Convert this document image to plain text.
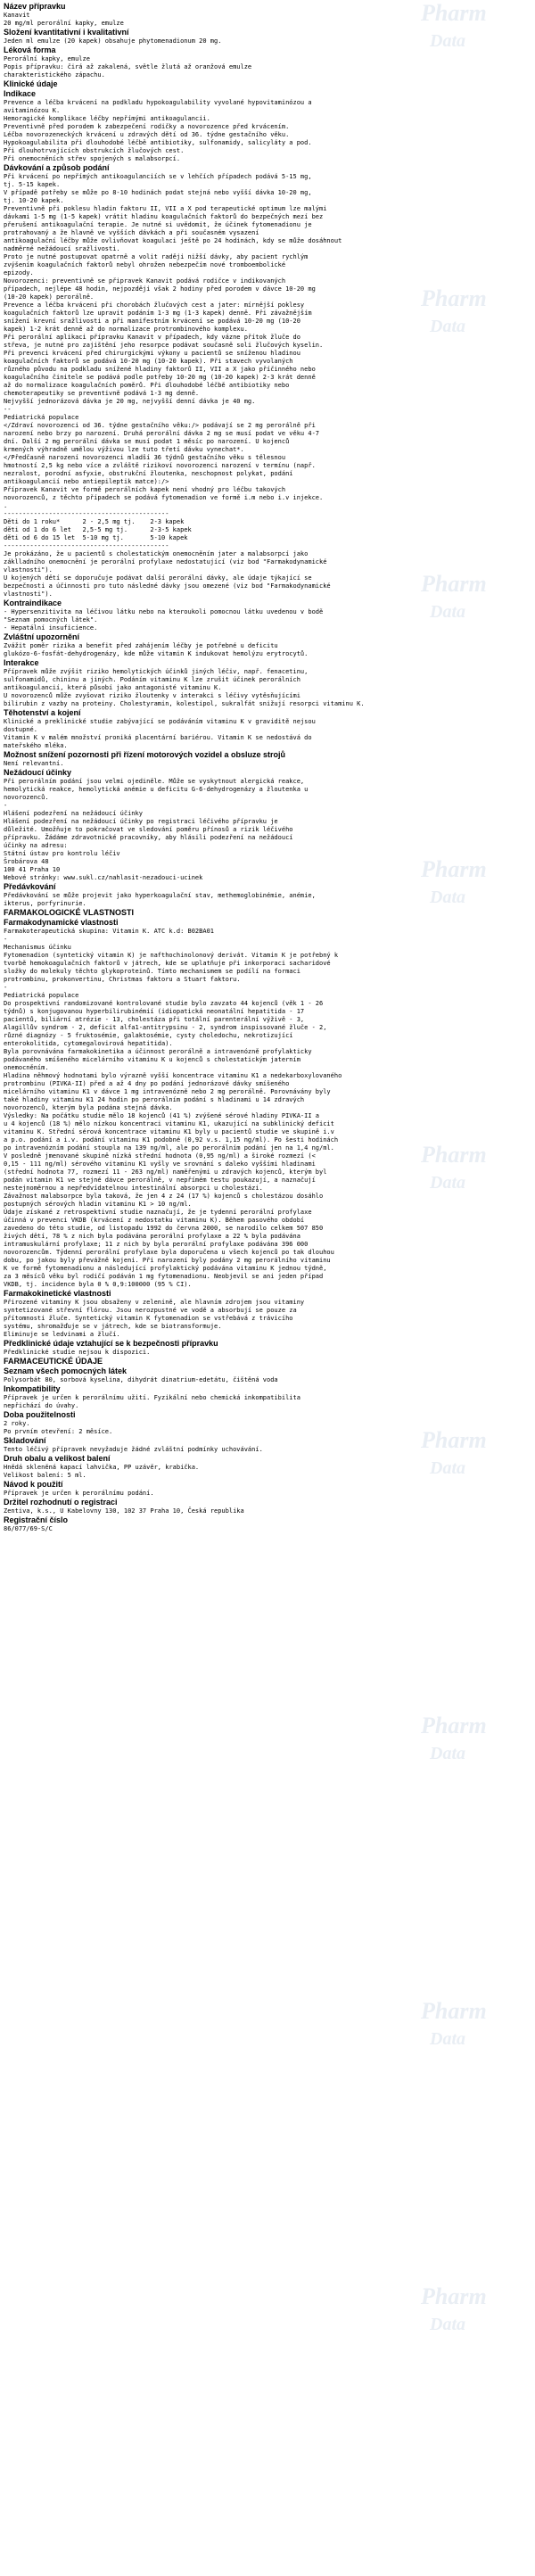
Pharm
Data
Pharm
Data
Pharm
Data
Pharm
Data
Pharm
Data
Pharm
Data
Pharm
Data
Pharm
Data
Pharm
Data
Název přípravku
Kanavit
20 mg/ml perorální kapky, emulze
Složení kvantitativní i kvalitativní
Jeden ml emulze (20 kapek) obsahuje phytomenadionum 20 mg.
Léková forma
Perorální kapky, emulze
Popis přípravku: čirá až zakalená, světle žlutá až oranžová emulze
charakteristického zápachu.
Klinické údaje
Indikace
Prevence a léčba krvácení na podkladu hypokoagulability vyvolané hypovitaminózou a
avitaminózou K.
Hemoragické komplikace léčby nepřímými antikoagulancii.
Preventivně před porodem k zabezpečení rodičky a novorozence před krvácením.
Léčba novorozeneckých krvácení u zdravých dětí od 36. týdne gestačního věku.
Hypokoagulabilita při dlouhodobé léčbě antibiotiky, sulfonamidy, salicyláty a pod.
Při dlouhotrvajících obstrukcích žlučových cest.
Při onemocněních střev spojených s malabsorpcí.
Dávkování a způsob podání
Při krvácení po nepřímých antikoagulanciích se v lehčích případech podává 5-15 mg,
tj. 5-15 kapek.
V případě potřeby se může po 8-10 hodinách podat stejná nebo vyšší dávka 10-20 mg,
tj. 10-20 kapek.
Preventivně při poklesu hladin faktoru II, VII a X pod terapeutické optimum lze malými
dávkami 1-5 mg (1-5 kapek) vrátit hladinu koagulačních faktorů do bezpečných mezí bez
přerušení antikoagulační terapie. Je nutné si uvědomit, že účinek fytomenadionu je
protrahovaný a že hlavně ve vyšších dávkách a při současném vysazení
antikoagulační léčby může ovlivňovat koagulaci ještě po 24 hodinách, kdy se může dosáhnout
nadměrné nežádoucí sražlivosti.
Proto je nutné postupovat opatrně a volit raději nižší dávky, aby pacient rychlým
zvýšením koagulačních faktorů nebyl ohrožen nebezpečím nové tromboembolické
epizody.
Novorozenci: preventivně se připravek Kanavit podává rodičce v indikovaných
případech, nejlépe 48 hodin, nejpozději však 2 hodiny před porodem v dávce 10-20 mg
(10-20 kapek) perorálně.
Prevence a léčba krvácení při chorobách žlučových cest a jater: mírnější poklesy
koagulačních faktorů lze upravit podáním 1-3 mg (1-3 kapek) denně. Při závažnějším
snížení krevní sražlivosti a při manifestním krvácení se podává 10-20 mg (10-20
kapek) 1-2 krát denně až do normalizace protrombinového komplexu.
Při perorální aplikaci přípravku Kanavit v případech, kdy vázne přítok žluče do
střeva, je nutné pro zajištění jeho resorpce podávat současně soli žlučových kyselin.
Při prevenci krvácení před chirurgickými výkony u pacientů se sníženou hladinou
koagulačních faktorů se podává 10-20 mg (10-20 kapek). Při stavech vyvolaných
různého původu na podkladu snížené hladiny faktorů II, VII a X jako příčinného nebo
koagulačního činitele se podává podle potřeby 10-20 mg (10-20 kapek) 2-3 krát denně
až do normalizace koagulačních poměrů. Při dlouhodobé léčbě antibiotiky nebo
chemoterapeutiky se preventivně podává 1-3 mg denně.
Nejvyšší jednorázová dávka je 20 mg, nejvyšší denní dávka je 40 mg.
--
Pediatrická populace
</Zdraví novorozenci od 36. týdne gestačního věku:/> podávají se 2 mg perorálně při
narození nebo brzy po narození. Druhá perorální dávka 2 mg se musí podat ve věku 4-7
dní. Další 2 mg perorální dávka se musí podat 1 měsíc po narození. U kojenců
krmených výhradně umělou výživou lze tuto třetí dávku vynechat*.
</Předčasně narození novorozenci mladší 36 týdnů gestačního věku s tělesnou
hmotností 2,5 kg nebo více a zvláště rizikoví novorozenci narození v termínu (např.
nezralost, porodní asfyxie, obstrukční žloutenka, neschopnost polykat, podání
antikoagulancií nebo antiepileptik matce):/>
Přípravek Kanavit ve formě perorálních kapek není vhodný pro léčbu takových
novorozenců, z těchto případech se podává fytomenadion ve formě i.m nebo i.v injekce.
.
--------------------------------------------
Děti do 1 roku*      2 - 2,5 mg tj.    2-3 kapek
děti od 1 do 6 let   2,5-5 mg tj.      2-3-5 kapek
děti od 6 do 15 let  5-10 mg tj.       5-10 kapek
--------------------------------------------
Je prokázáno, že u pacientů s cholestatickým onemocněním jater a malabsorpcí jako
záklladního onemocnění je perorální profylaxe nedostatující (viz bod "Farmakodynamické
vlastnosti").
U kojených dětí se doporučuje podávat další perorální dávky, ale údaje týkající se
bezpečnosti a účinnosti pro tuto následné dávky jsou omezené (viz bod "Farmakodynamické
vlastnosti").
Kontraindikace
- Hypersenzitivita na léčivou látku nebo na kteroukoli pomocnou látku uvedenou v bodě
"Seznam pomocných látek".
- Hepatální insuficience.
Zvláštní upozornění
Zvážit poměr rizika a benefit před zahájením léčby je potřebné u deficitu
glukózo-6-fosfát-dehydrogenázy, kde může vitamin K indukovat hemolýzu erytrocytů.
Interakce
Přípravek může zvýšit riziko hemolytických účinků jiných léčiv, např. fenacetinu,
sulfonamidů, chininu a jiných. Podáním vitaminu K lze zrušit účinek perorálních
antikoagulancií, která působí jako antagonisté vitaminu K.
U novorozenců může zvyšovat riziko žloutenky v interakci s léčivy vytěsňujícími
bilirubin z vazby na proteiny. Cholestyramin, kolestipol, sukralfát snižují resorpci vitaminu K.
Těhotenství a kojení
Klinické a preklinické studie zabývající se podáváním vitaminu K v graviditě nejsou
dostupné.
Vitamin K v malém množství proniká placentární bariérou. Vitamin K se nedostává do
mateřského mléka.
Možnost snížení pozornosti při řízení motorových vozidel a obsluze strojů
Není relevantní.
Nežádoucí účinky
Při perorálním podání jsou velmi ojediněle. Může se vyskytnout alergická reakce,
hemolytická reakce, hemolytická anémie u deficitu G-6-dehydrogenázy a žloutenka u
novorozenců.
-
Hlášení podezření na nežádoucí účinky
Hlášení podezření na nežádoucí účinky po registraci léčivého přípravku je
důležité. Umožňuje to pokračovat ve sledování poměru přínosů a rizik léčivého
přípravku. Žádáme zdravotnické pracovníky, aby hlásili podezření na nežádoucí
účinky na adresu:
Státní ústav pro kontrolu léčiv
Šrobárova 48
100 41 Praha 10
Webové stránky: www.sukl.cz/nahlasit-nezadouci-ucinek
Předávkování
Předávkování se může projevit jako hyperkoagulační stav, methemoglobinémie, anémie,
ikterus, porfyrinurie.
FARMAKOLOGICKÉ VLASTNOSTI
Farmakodynamické vlastnosti
Farmakoterapeutická skupina: Vitamin K. ATC k.d: B02BA01
-
Mechanismus účinku
Fytomenadion (syntetický vitamin K) je nafthochinolonový derivát. Vitamin K je potřebný k
tvorbě hemokoagulačních faktorů v játrech, kde se uplatňuje při inkorporaci sacharidové
složky do molekuly těchto glykoproteinů. Tímto mechanismem se podílí na formaci
protrombinu, prokonvertinu, Christmas faktoru a Stuart faktoru.
-
Pediatrická populace
Do prospektivní randomizované kontrolované studie bylo zavzato 44 kojenců (věk 1 - 26
týdnů) s konjugovanou hyperbilirubinémií (idiopatická neonatální hepatitida - 17
pacientů, biliární atrézie - 13, cholestáza při totální parenterální výživě - 3,
Alagillův syndrom - 2, deficit alfa1-antitrypsinu - 2, syndrom inspissované žluče - 2,
různé diagnózy - 5 fruktosémie, galaktosémie, cysty choledochu, nekrotizující
enterokolitida, cytomegalovirová hepatitida).
Byla porovnávána farmakokinetika a účinnost perorálně a intravenózně profylakticky
podávaného smíšeného micelárního vitaminu K u kojenců s cholestatickým jaterním
onemocněním.
Hladina něhmový hodnotami bylo výrazně vyšší koncentrace vitaminu K1 a nedekarboxylovaného
protrombinu (PIVKA-II) před a až 4 dny po podání jednorázové dávky smíšeného
micelárního vitaminu K1 v dávce 1 mg intravenózně nebo 2 mg perorálně. Porovnávány byly
také hladiny vitaminu K1 24 hodin po perorálním podání s hladinami u 14 zdravých
novorozenců, kterým byla podána stejná dávka.
Výsledky: Na počátku studie mělo 18 kojenců (41 %) zvýšené sérové hladiny PIVKA-II a
u 4 kojenců (18 %) mělo nízkou koncentraci vitaminu K1, ukazující na subklinický deficit
vitaminu K. Střední sérová koncentrace vitaminu K1 byly u pacientů studie ve skupině i.v
a p.o. podání a i.v. podání vitaminu K1 podobné (0,92 v.s. 1,15 ng/ml). Po šesti hodinách
po intravenózním podání stoupla na 139 ng/ml, ale po perorálním podání jen na 1,4 ng/ml.
V posledně jmenované skupině nízká střední hodnota (0,95 ng/ml) a široké rozmezí (<
0,15 - 111 ng/ml) sérového vitaminu K1 vyšly ve srovnání s daleko vyššími hladinami
(střední hodnota 77, rozmezí 11 - 263 ng/ml) naměřenými u zdravých kojenců, kterým byl
podán vitamin K1 ve stejné dávce perorálně, v nepřímém testu poukazují, a naznačují
nestejnoměrnou a nepředvídatelnou intestinální absorpci u cholestázi.
Závažnost malabsorpce byla taková, že jen 4 z 24 (17 %) kojenců s cholestázou dosáhlo
postupných sérových hladin vitaminu K1 > 10 ng/ml.
Údaje získané z retrospektivní studie naznačují, že je tydenní perorální profylaxe
účinná v prevenci VKDB (krvácení z nedostatku vitaminu K). Během pasového období
zavedeno do této studie, od listopadu 1992 do června 2000, se narodilo celkem 507 850
živých dětí, 78 % z nich byla podávána perorální profylaxe a 22 % byla podávána
intramuskulární profylaxe; 11 z nich by byla perorální profylaxe podávána 396 000
novorozencům. Týdenní perorální profylaxe byla doporučena u všech kojenců po tak dlouhou
dobu, po jakou byly převážně kojeni. Při narození byly podány 2 mg perorálního vitaminu
K ve formě fytomenadionu a následující profylaktický podávána vitaminu K jednou týdně,
za 3 měsíců věku byl rodičí podáván 1 mg fytomenadionu. Neobjevil se ani jeden případ
VKDB, tj. incidence byla 0 % 0,9:100000 (95 % CI).
Farmakokinetické vlastnosti
Přirozené vitaminy K jsou obsaženy v zelenině, ale hlavním zdrojem jsou vitaminy
syntetizované střevní flórou. Jsou nerozpustné ve vodě a absorbují se pouze za
přítomnosti žluče. Syntetický vitamin K fytomenadion se vstřebává z trávicího
systému, shromažďuje se v játrech, kde se biotransformuje.
Eliminuje se ledvinami a žlučí.
Předklinické údaje vztahující se k bezpečnosti přípravku
Předklinické studie nejsou k dispozici.
FARMACEUTICKÉ ÚDAJE
Seznam všech pomocných látek
Polysorbát 80, sorbová kyselina, dihydrát dinatrium-edetátu, čištěná voda
Inkompatibility
Přípravek je určen k perorálnímu užití. Fyzikální nebo chemická inkompatibilita
nepřichází do úvahy.
Doba použitelnosti
2 roky.
Po prvním otevření: 2 měsíce.
Skladování
Tento léčivý přípravek nevyžaduje žádné zvláštní podmínky uchovávání.
Druh obalu a velikost balení
Hnědá skleněná kapací lahvička, PP uzávěr, krabička.
Velikost balení: 5 ml.
Návod k použití
Přípravek je určen k perorálnímu podání.
Držitel rozhodnutí o registraci
Zentiva, k.s., U Kabelovny 130, 102 37 Praha 10, Česká republika
Registrační číslo
86/077/69-S/C
